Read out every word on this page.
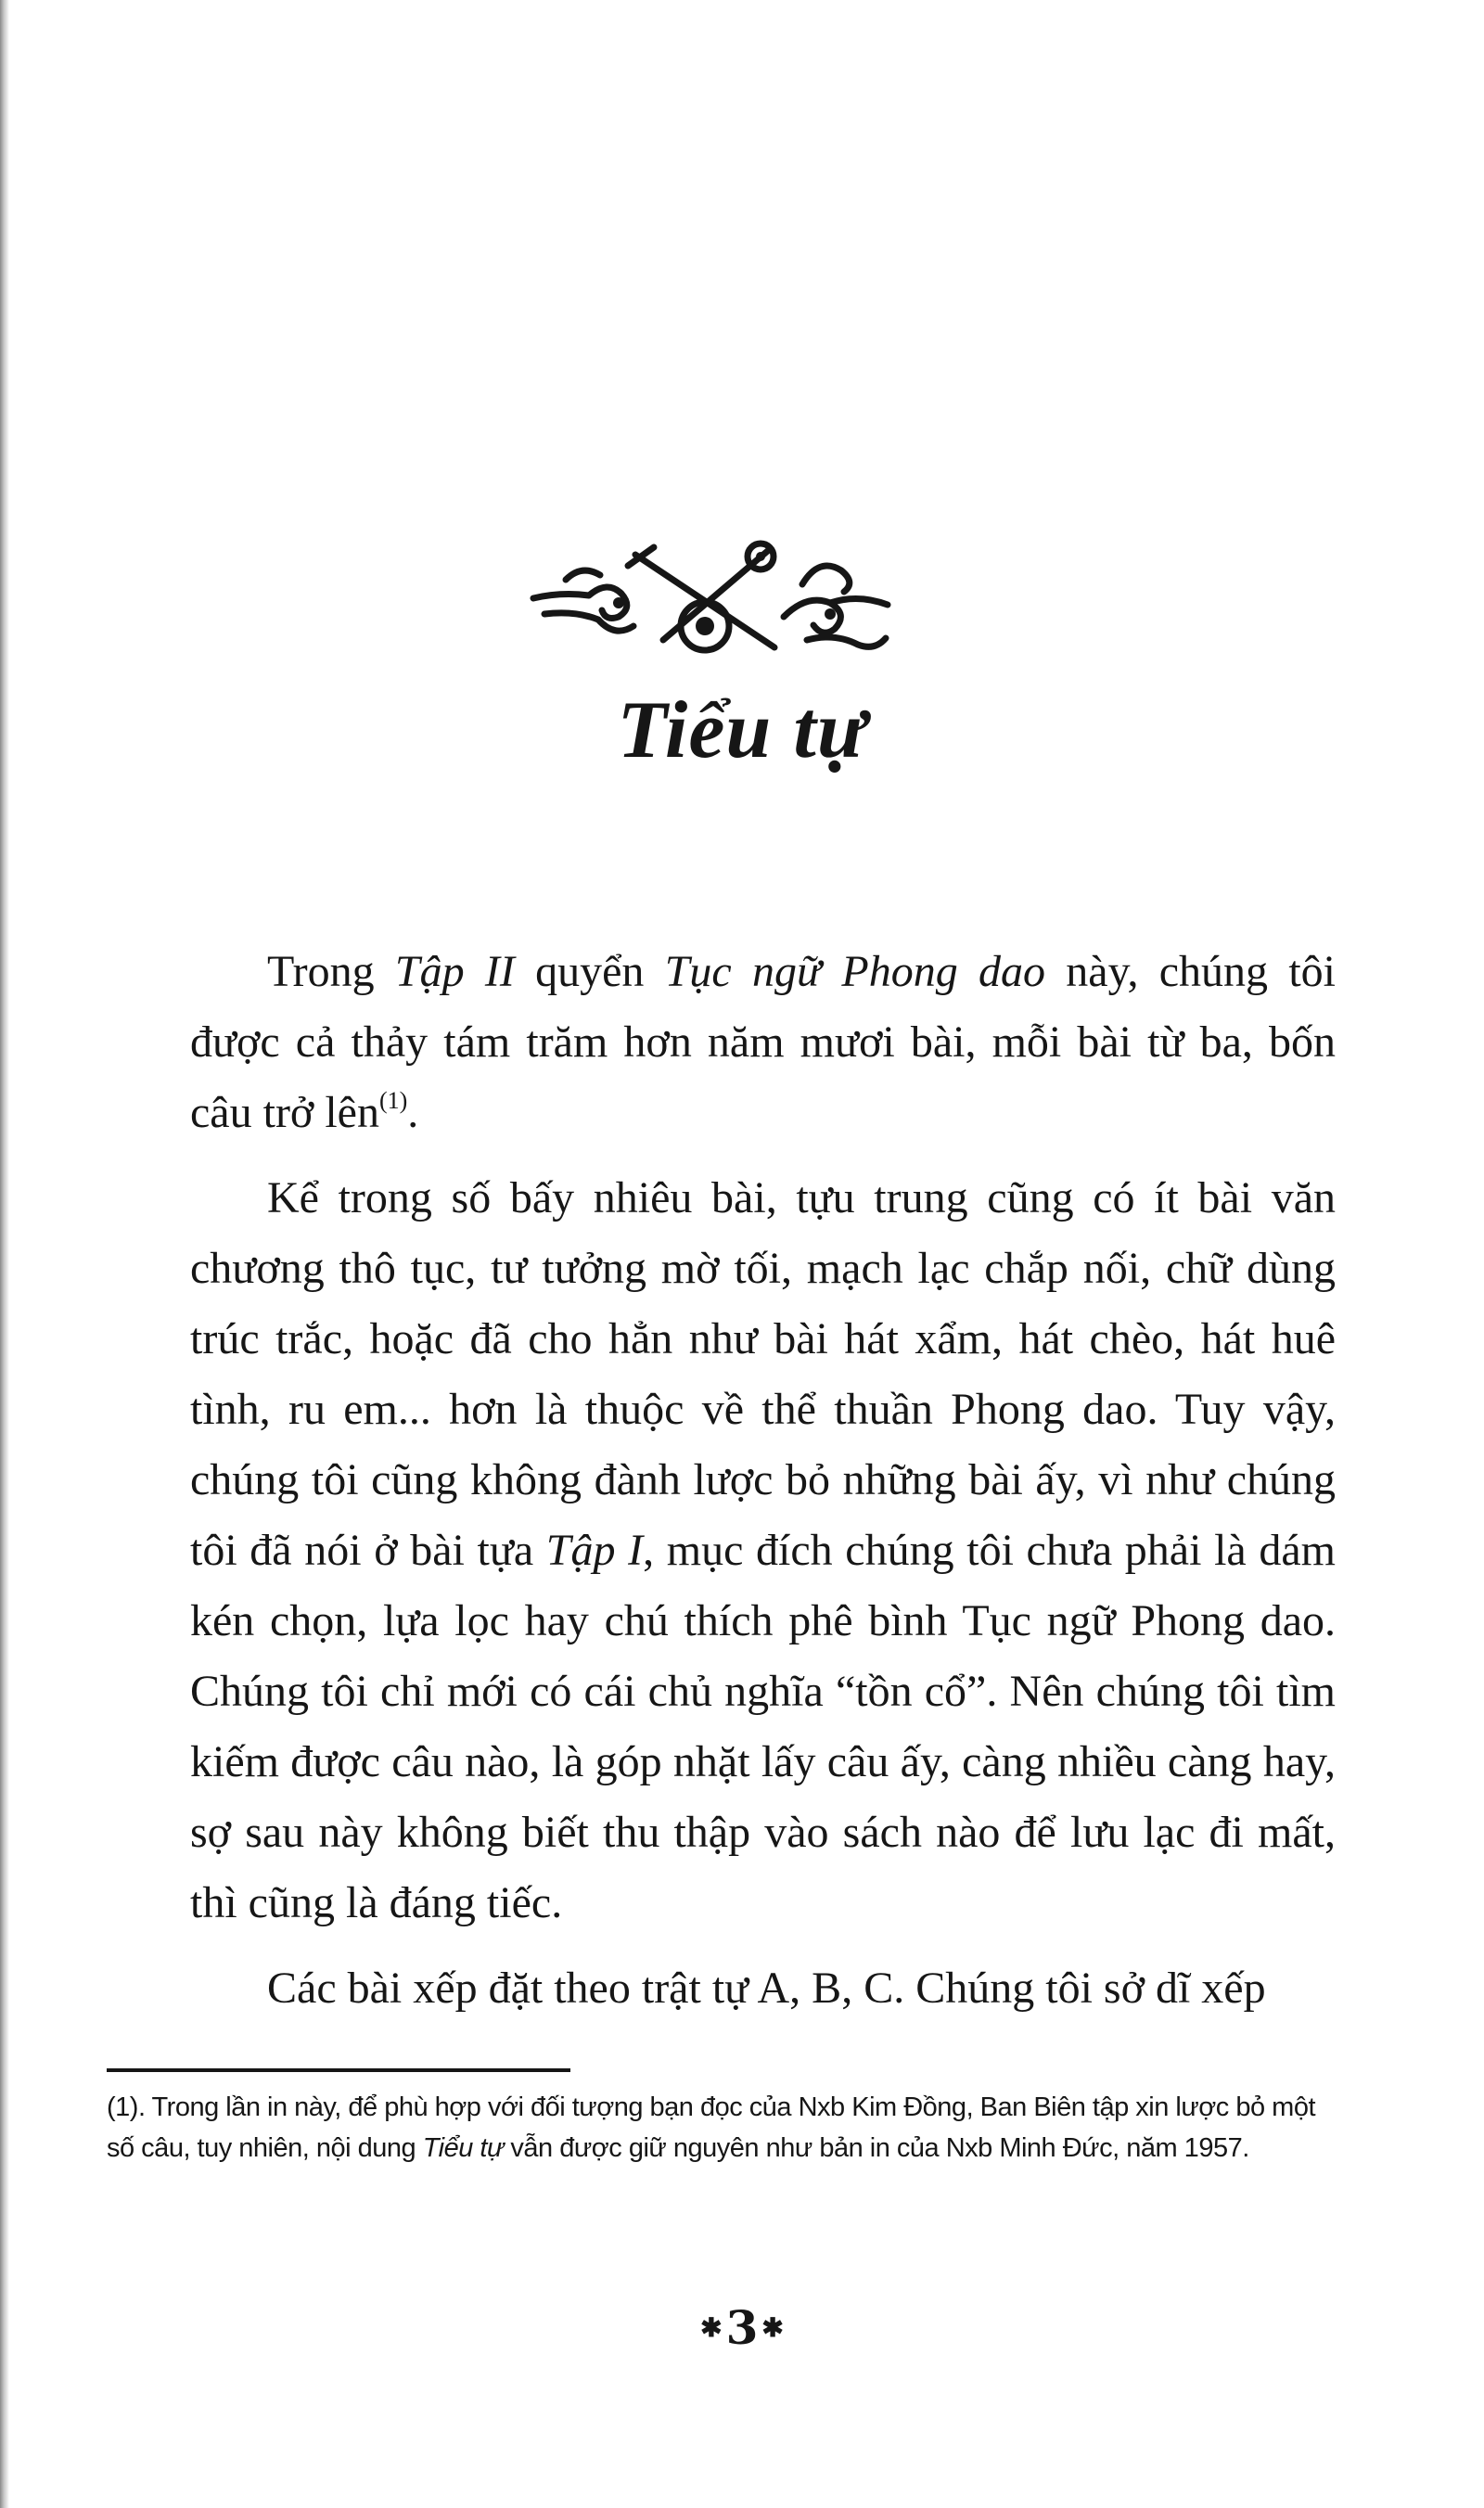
Tiểu tự

Trong Tập II quyển Tục ngữ Phong dao này, chúng tôi được cả thảy tám trăm hơn năm mươi bài, mỗi bài từ ba, bốn câu trở lên$^{(1)}$.

Kể trong số bấy nhiêu bài, tựu trung cũng có ít bài văn chương thô tục, tư tưởng mờ tối, mạch lạc chắp nối, chữ dùng trúc trắc, hoặc đã cho hẳn như bài hát xẩm, hát chèo, hát huê tình, ru em... hơn là thuộc về thể thuần Phong dao. Tuy vậy, chúng tôi cũng không đành lược bỏ những bài ấy, vì như chúng tôi đã nói ở bài tựa Tập I, mục đích chúng tôi chưa phải là dám kén chọn, lựa lọc hay chú thích phê bình Tục ngữ Phong dao. Chúng tôi chỉ mới có cái chủ nghĩa “tồn cổ”. Nên chúng tôi tìm kiếm được câu nào, là góp nhặt lấy câu ấy, càng nhiều càng hay, sợ sau này không biết thu thập vào sách nào để lưu lạc đi mất, thì cũng là đáng tiếc.

Các bài xếp đặt theo trật tự A, B, C. Chúng tôi sở dĩ xếp

(1). Trong lần in này, để phù hợp với đối tượng bạn đọc của Nxb Kim Đồng, Ban Biên tập xin lược bỏ một số câu, tuy nhiên, nội dung Tiểu tự vẫn được giữ nguyên như bản in của Nxb Minh Đức, năm 1957.

✱3 ✱
